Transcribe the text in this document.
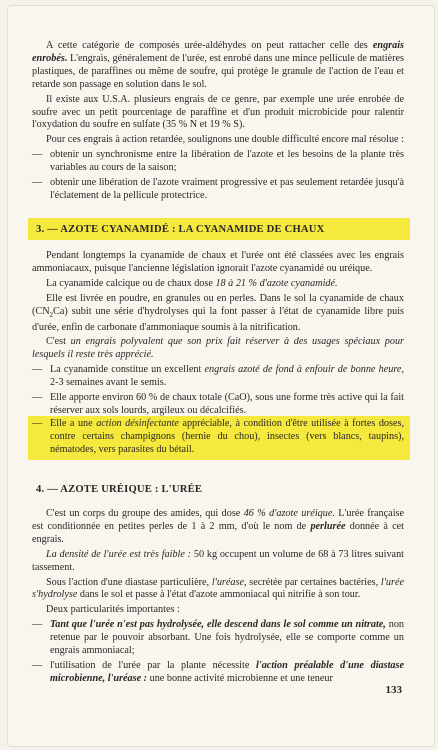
A cette catégorie de composés urée-aldéhydes on peut rattacher celle des engrais enrobés. L'engrais, généralement de l'urée, est enrobé dans une mince pellicule de matières plastiques, de paraffines ou même de soufre, qui protège le granule de l'action de l'eau et retarde son passage en solution dans le sol.

Il existe aux U.S.A. plusieurs engrais de ce genre, par exemple une urée enrobée de soufre avec un petit pourcentage de paraffine et d'un produit microbicide pour ralentir l'oxydation du soufre en sulfate (35 % N et 19 % S).

Pour ces engrais à action retardée, soulignons une double difficulté encore mal résolue :

— obtenir un synchronisme entre la libération de l'azote et les besoins de la plante très variables au cours de la saison;

— obtenir une libération de l'azote vraiment progressive et pas seulement retardée jusqu'à l'éclatement de la pellicule protectrice.

3. — AZOTE CYANAMIDÉ : LA CYANAMIDE DE CHAUX

Pendant longtemps la cyanamide de chaux et l'urée ont été classées avec les engrais ammoniacaux, puisque l'ancienne législation ignorait l'azote cyanamidé ou uréique.

La cyanamide calcique ou de chaux dose 18 à 21 % d'azote cyanamidé.

Elle est livrée en poudre, en granules ou en perles. Dans le sol la cyanamide de chaux $(CN_2Ca)$ subit une série d'hydrolyses qui la font passer à l'état de cyanamide libre puis d'urée, enfin de carbonate d'ammoniaque soumis à la nitrification.

C'est un engrais polyvalent que son prix fait réserver à des usages spéciaux pour lesquels il reste très apprécié.

— La cyanamide constitue un excellent engrais azoté de fond à enfouir de bonne heure, 2-3 semaines avant le semis.

— Elle apporte environ 60 % de chaux totale (CaO), sous une forme très active qui la fait réserver aux sols lourds, argileux ou décalcifiés.

— Elle a une action désinfectante appréciable, à condition d'être utilisée à fortes doses, contre certains champignons (hernie du chou), insectes (vers blancs, taupins), nématodes, vers parasites du bétail.

4. — AZOTE URÉIQUE : L'URÉE

C'est un corps du groupe des amides, qui dose 46 % d'azote uréique. L'urée française est conditionnée en petites perles de 1 à 2 mm, d'où le nom de perlurée donnée à cet engrais.

La densité de l'urée est très faible : 50 kg occupent un volume de 68 à 73 litres suivant tassement.

Sous l'action d'une diastase particulière, l'uréase, secrétée par certaines bactéries, l'urée s'hydrolyse dans le sol et passe à l'état d'azote ammoniacal qui nitrifie à son tour.

Deux particularités importantes :

— Tant que l'urée n'est pas hydrolysée, elle descend dans le sol comme un nitrate, non retenue par le pouvoir absorbant. Une fois hydrolysée, elle se comporte comme un engrais ammoniacal;

— l'utilisation de l'urée par la plante nécessite l'action préalable d'une diastase microbienne, l'uréase : une bonne activité microbienne et une teneur

133
